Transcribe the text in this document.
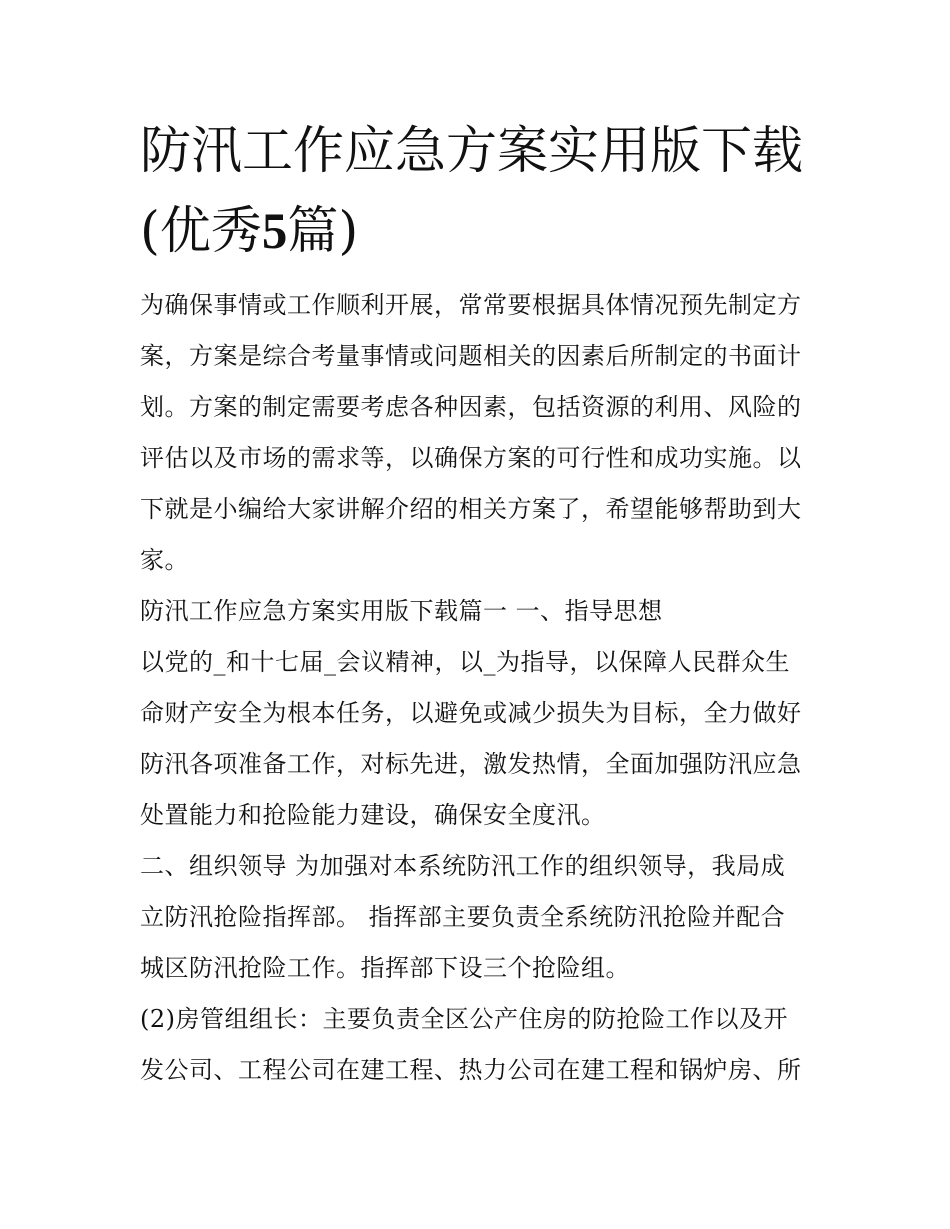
防汛工作应急方案实用版下载
(优秀5篇)

为确保事情或工作顺利开展，常常要根据具体情况预先制定方
案，方案是综合考量事情或问题相关的因素后所制定的书面计
划。方案的制定需要考虑各种因素，包括资源的利用、风险的
评估以及市场的需求等，以确保方案的可行性和成功实施。以
下就是小编给大家讲解介绍的相关方案了，希望能够帮助到大
家。

防汛工作应急方案实用版下载篇一 一、指导思想

以党的_和十七届_会议精神，以_为指导，以保障人民群众生
命财产安全为根本任务，以避免或减少损失为目标，全力做好
防汛各项准备工作，对标先进，激发热情，全面加强防汛应急
处置能力和抢险能力建设，确保安全度汛。

二、组织领导 为加强对本系统防汛工作的组织领导，我局成
立防汛抢险指挥部。 指挥部主要负责全系统防汛抢险并配合
城区防汛抢险工作。指挥部下设三个抢险组。

(2)房管组组长：主要负责全区公产住房的防抢险工作以及开
发公司、工程公司在建工程、热力公司在建工程和锅炉房、所
